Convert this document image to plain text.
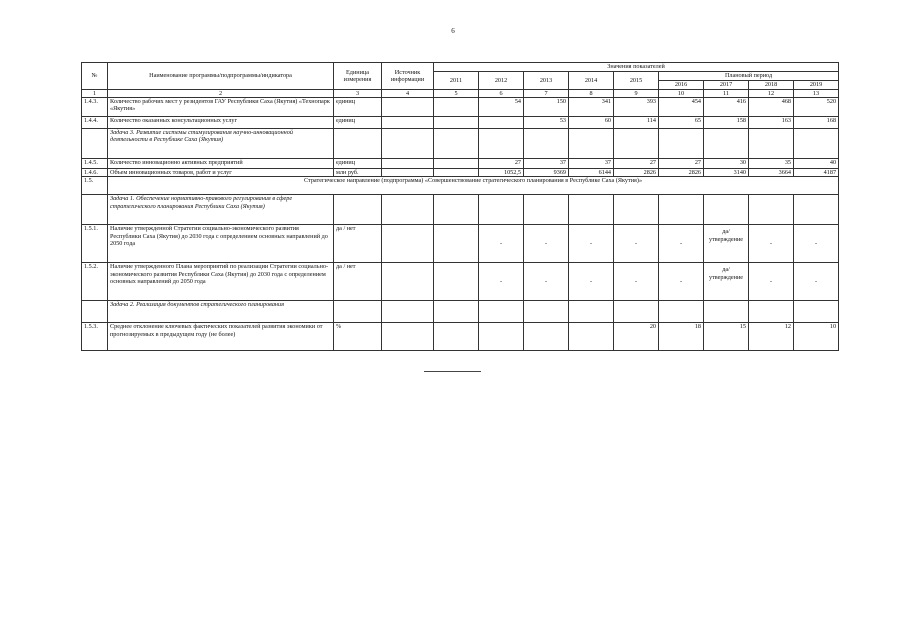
6
№	Наименование программы/подпрограммы/индикатора	Единица измерения	Источник информации	Значения показателей								
				2011	2012	2013	2014	2015	Плановый период			
									2016	2017	2018	2019
1	2	3	4	5	6	7	8	9	10	11	12	13
1.4.3.	Количество рабочих мест у резидентов ГАУ Республики Саха (Якутия) «Технопарк «Якутия»	единиц			54	150	341	393	454	416	468	520
1.4.4.	Количество оказанных консультационных услуг	единиц				53	60	114	65	158	163	168
	Задача 3. Развитие системы стимулирования научно-инновационной деятельности в Республике Саха (Якутия)											
1.4.5.	Количество инновационно активных предприятий	единиц			27	37	37	27	27	30	35	40
1.4.6.	Объем инновационных товаров, работ и услуг	млн руб.			1052,5	9369	6144	2826	2826	3140	3664	4187
1.5.	Стратегическое направление (подпрограмма) «Совершенствование стратегического планирования в Республике Саха (Якутия)»											
	Задача 1. Обеспечение нормативно-правового регулирования в сфере стратегического планирования Республики Саха (Якутия)											
1.5.1.	Наличие утвержденной Стратегии социально-экономического развития Республики Саха (Якутия) до 2030 года с определением основных направлений до 2050 года	да / нет			-	-	-	-	-	да/ утверждение	-	-
1.5.2.	Наличие утвержденного Плана мероприятий по реализации Стратегии социально-экономического развития Республики Саха (Якутия) до 2030 года с определением основных направлений до 2050 года	да / нет			-	-	-	-	-	да/ утверждение	-	-
	Задача 2. Реализация документов стратегического планирования											
1.5.3.	Среднее отклонение ключевых фактических показателей развития экономики от прогнозируемых в предыдущем году (не более)	%						20	18	15	12	10
